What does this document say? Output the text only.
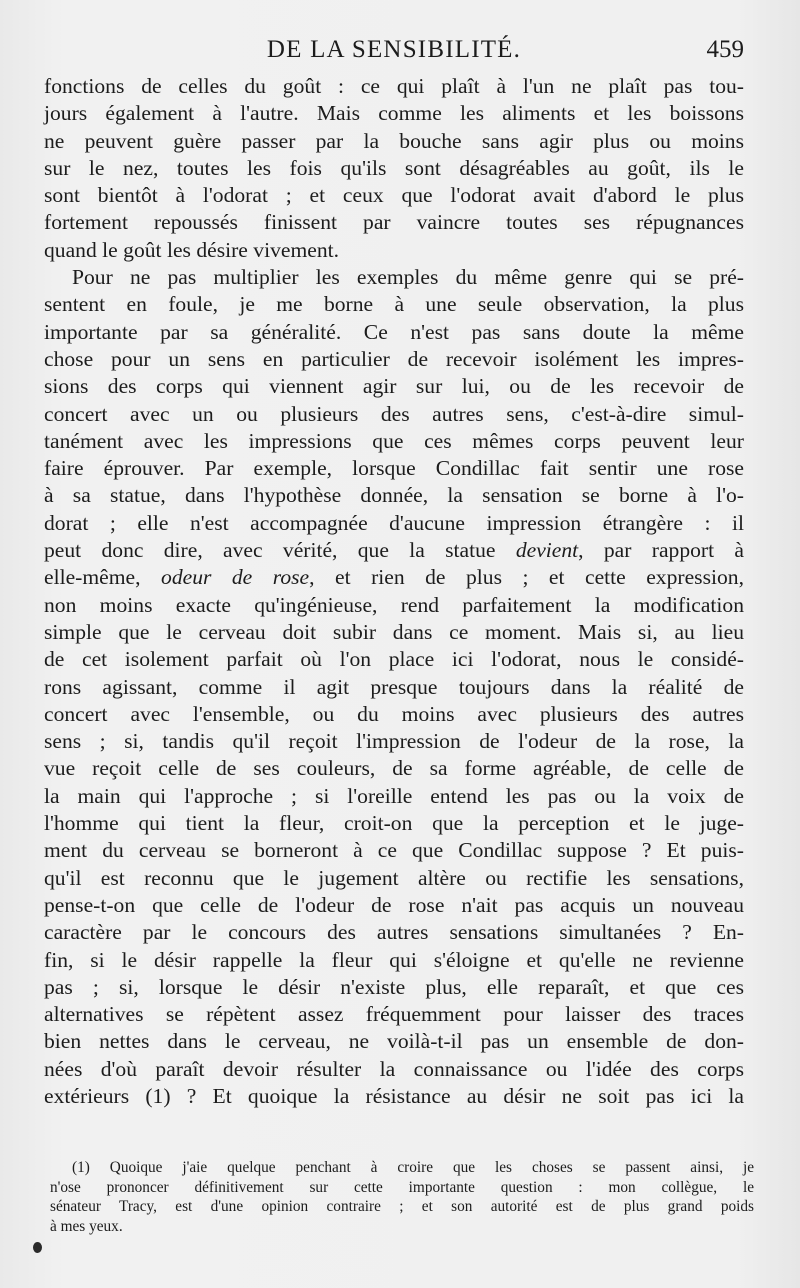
DE LA SENSIBILITÉ.	459
fonctions de celles du goût : ce qui plaît à l'un ne plaît pas tou-
jours également à l'autre. Mais comme les aliments et les boissons
ne peuvent guère passer par la bouche sans agir plus ou moins
sur le nez, toutes les fois qu'ils sont désagréables au goût, ils le
sont bientôt à l'odorat ; et ceux que l'odorat avait d'abord le plus
fortement repoussés finissent par vaincre toutes ses répugnances
quand le goût les désire vivement.
Pour ne pas multiplier les exemples du même genre qui se pré-
sentent en foule, je me borne à une seule observation, la plus
importante par sa généralité. Ce n'est pas sans doute la même
chose pour un sens en particulier de recevoir isolément les impres-
sions des corps qui viennent agir sur lui, ou de les recevoir de
concert avec un ou plusieurs des autres sens, c'est-à-dire simul-
tanément avec les impressions que ces mêmes corps peuvent leur
faire éprouver. Par exemple, lorsque Condillac fait sentir une rose
à sa statue, dans l'hypothèse donnée, la sensation se borne à l'o-
dorat ; elle n'est accompagnée d'aucune impression étrangère : il
peut donc dire, avec vérité, que la statue devient, par rapport à
elle-même, odeur de rose, et rien de plus ; et cette expression,
non moins exacte qu'ingénieuse, rend parfaitement la modification
simple que le cerveau doit subir dans ce moment. Mais si, au lieu
de cet isolement parfait où l'on place ici l'odorat, nous le considé-
rons agissant, comme il agit presque toujours dans la réalité de
concert avec l'ensemble, ou du moins avec plusieurs des autres
sens ; si, tandis qu'il reçoit l'impression de l'odeur de la rose, la
vue reçoit celle de ses couleurs, de sa forme agréable, de celle de
la main qui l'approche ; si l'oreille entend les pas ou la voix de
l'homme qui tient la fleur, croit-on que la perception et le juge-
ment du cerveau se borneront à ce que Condillac suppose ? Et puis-
qu'il est reconnu que le jugement altère ou rectifie les sensations,
pense-t-on que celle de l'odeur de rose n'ait pas acquis un nouveau
caractère par le concours des autres sensations simultanées ? En-
fin, si le désir rappelle la fleur qui s'éloigne et qu'elle ne revienne
pas ; si, lorsque le désir n'existe plus, elle reparaît, et que ces
alternatives se répètent assez fréquemment pour laisser des traces
bien nettes dans le cerveau, ne voilà-t-il pas un ensemble de don-
nées d'où paraît devoir résulter la connaissance ou l'idée des corps
extérieurs (1) ? Et quoique la résistance au désir ne soit pas ici la
(1) Quoique j'aie quelque penchant à croire que les choses se passent ainsi, je
n'ose prononcer définitivement sur cette importante question : mon collègue, le
sénateur Tracy, est d'une opinion contraire ; et son autorité est de plus grand poids
à mes yeux.
